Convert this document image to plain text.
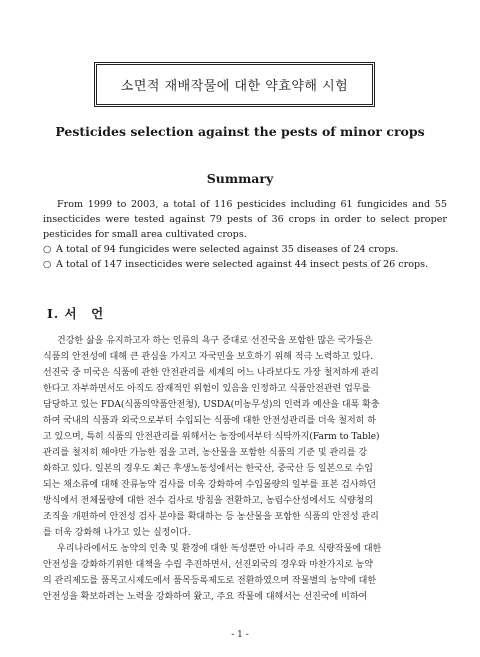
소면적 재배작물에 대한 약효약해 시험
Pesticides selection against the pests of minor crops
Summary

From 1999 to 2003, a total of 116 pesticides including 61 fungicides and 55 insecticides were tested against 79 pests of 36 crops in order to select proper pesticides for small area cultivated crops.

○ A total of 94 fungicides were selected against 35 diseases of 24 crops.
○ A total of 147 insecticides were selected against 44 insect pests of 26 crops.
Ⅰ. 서　언
건강한 삶을 유지하고자 하는 인류의 욕구 증대로 선진국을 포함한 많은 국가들은
식품의 안전성에 대해 큰 관심을 가지고 자국민을 보호하기 위해 적극 노력하고 있다.
선진국 중 미국은 식품에 관한 안전관리를 세계의 어느 나라보다도 가장 철저하게 관리
한다고 자부하면서도 아직도 잠재적인 위험이 있음을 인정하고 식품안전관련 업무를
담당하고 있는 FDA(식품의약품안전청), USDA(미농무성)의 인력과 예산을 대폭 확충
하여 국내의 식품과 외국으로부터 수입되는 식품에 대한 안전성관리를 더욱 철저히 하
고 있으며, 특히 식품의 안전관리를 위해서는 농장에서부터 식탁까지(Farm to Table)
관리를 철저히 해야만 가능한 점을 고려, 농산물을 포함한 식품의 기준 및 관리를 강
화하고 있다. 일본의 경우도 최근 후생노동성에서는 한국산, 중국산 등 일본으로 수입
되는 채소류에 대해 잔류농약 검사를 더욱 강화하여 수입물량의 일부를 표본 검사하던
방식에서 전체물량에 대한 전수 검사로 방침을 전환하고, 농림수산성에서도 식량청의
조직을 개편하여 안전성 검사 분야를 확대하는 등 농산물을 포함한 식품의 안전성 관리
를 더욱 강화해 나가고 있는 실정이다.
우리나라에서도 농약의 인축 및 환경에 대한 독성뿐만 아니라 주요 식량작물에 대한
안전성을 강화하기위한 대책을 수립 추진하면서, 선진외국의 경우와 마찬가지로 농약
의 관리제도를 품목고시제도에서 품목등록제도로 전환하였으며 작물별의 농약에 대한
안전성을 확보하려는 노력을 강화하여 왔고, 주요 작물에 대해서는 선진국에 비하여
- 1 -
